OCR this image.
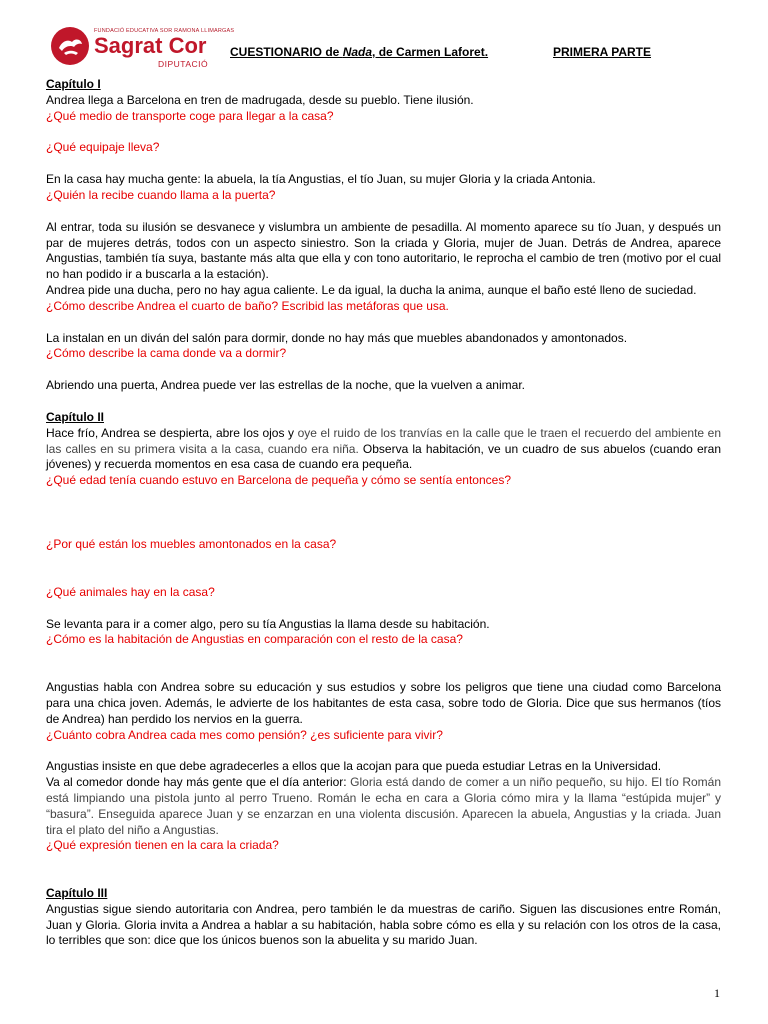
FUNDACIÓ EDUCATIVA SOR RAMONA LLIMARGAS
Sagrat Cor
DIPUTACIÓ
CUESTIONARIO de Nada, de Carmen Laforet.	PRIMERA PARTE

Capítulo I

Andrea llega a Barcelona en tren de madrugada, desde su pueblo. Tiene ilusión.

¿Qué medio de transporte coge para llegar a la casa?

¿Qué equipaje lleva?

En la casa hay mucha gente: la abuela, la tía Angustias, el tío Juan, su mujer Gloria y la criada Antonia.

¿Quién la recibe cuando llama a la puerta?

Al entrar, toda su ilusión se desvanece y vislumbra un ambiente de pesadilla. Al momento aparece su tío Juan, y después un par de mujeres detrás, todos con un aspecto siniestro. Son la criada y Gloria, mujer de Juan. Detrás de Andrea, aparece Angustias, también tía suya, bastante más alta que ella y con tono autoritario, le reprocha el cambio de tren (motivo por el cual no han podido ir a buscarla a la estación).

Andrea pide una ducha, pero no hay agua caliente. Le da igual, la ducha la anima, aunque el baño esté lleno de suciedad.

¿Cómo describe Andrea el cuarto de baño? Escribid las metáforas que usa.

La instalan en un diván del salón para dormir, donde no hay más que muebles abandonados y amontonados.

¿Cómo describe la cama donde va a dormir?

Abriendo una puerta, Andrea puede ver las estrellas de la noche, que la vuelven a animar.

Capítulo II

Hace frío, Andrea se despierta, abre los ojos y oye el ruido de los tranvías en la calle que le traen el recuerdo del ambiente en las calles en su primera visita a la casa, cuando era niña. Observa la habitación, ve un cuadro de sus abuelos (cuando eran jóvenes) y recuerda momentos en esa casa de cuando era pequeña.

¿Qué edad tenía cuando estuvo en Barcelona de pequeña y cómo se sentía entonces?

¿Por qué están los muebles amontonados en la casa?

¿Qué animales hay en la casa?

Se levanta para ir a comer algo, pero su tía Angustias la llama desde su habitación.

¿Cómo es la habitación de Angustias en comparación con el resto de la casa?

Angustias habla con Andrea sobre su educación y sus estudios y sobre los peligros que tiene una ciudad como Barcelona para una chica joven. Además, le advierte de los habitantes de esta casa, sobre todo de Gloria. Dice que sus hermanos (tíos de Andrea) han perdido los nervios en la guerra.

¿Cuánto cobra Andrea cada mes como pensión? ¿es suficiente para vivir?

Angustias insiste en que debe agradecerles a ellos que la acojan para que pueda estudiar Letras en la Universidad.

Va al comedor donde hay más gente que el día anterior: Gloria está dando de comer a un niño pequeño, su hijo. El tío Román está limpiando una pistola junto al perro Trueno. Román le echa en cara a Gloria cómo mira y la llama “estúpida mujer” y “basura”. Enseguida aparece Juan y se enzarzan en una violenta discusión. Aparecen la abuela, Angustias y la criada. Juan tira el plato del niño a Angustias.

¿Qué expresión tienen en la cara la criada?

Capítulo III

Angustias sigue siendo autoritaria con Andrea, pero también le da muestras de cariño. Siguen las discusiones entre Román, Juan y Gloria. Gloria invita a Andrea a hablar a su habitación, habla sobre cómo es ella y su relación con los otros de la casa, lo terribles que son: dice que los únicos buenos son la abuelita y su marido Juan.

1
